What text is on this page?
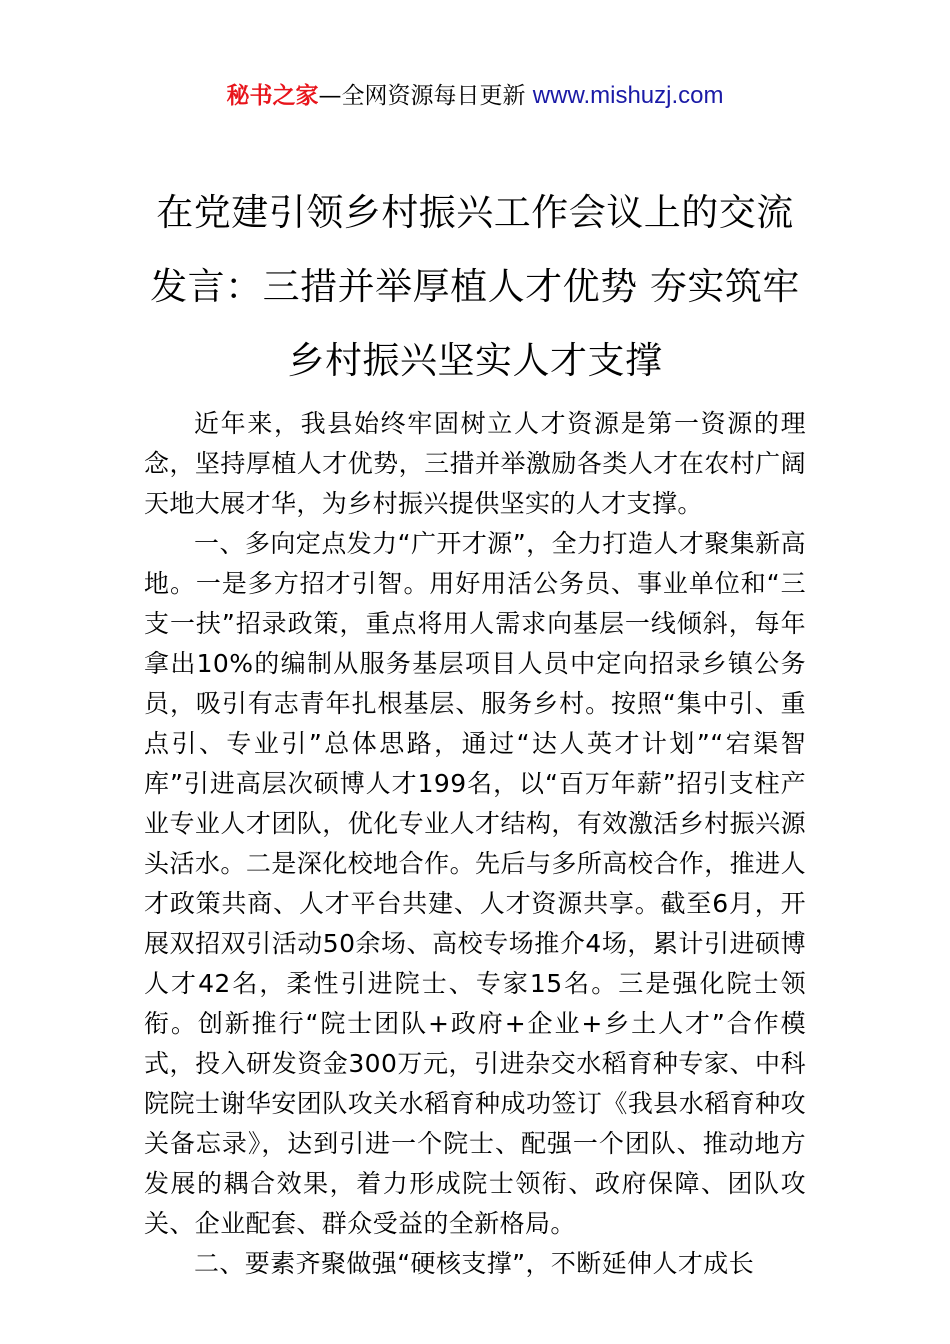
秘书之家—全网资源每日更新 www.mishuzj.com
在党建引领乡村振兴工作会议上的交流发言：三措并举厚植人才优势 夯实筑牢乡村振兴坚实人才支撑

近年来，我县始终牢固树立人才资源是第一资源的理念，坚持厚植人才优势，三措并举激励各类人才在农村广阔天地大展才华，为乡村振兴提供坚实的人才支撑。

一、多向定点发力“广开才源”，全力打造人才聚集新高地。一是多方招才引智。用好用活公务员、事业单位和“三支一扶”招录政策，重点将用人需求向基层一线倾斜，每年拿出10%的编制从服务基层项目人员中定向招录乡镇公务员，吸引有志青年扎根基层、服务乡村。按照“集中引、重点引、专业引”总体思路，通过“达人英才计划”“宕渠智库”引进高层次硕博人才199名，以“百万年薪”招引支柱产业专业人才团队，优化专业人才结构，有效激活乡村振兴源头活水。二是深化校地合作。先后与多所高校合作，推进人才政策共商、人才平台共建、人才资源共享。截至6月，开展双招双引活动50余场、高校专场推介4场，累计引进硕博人才42名，柔性引进院士、专家15名。三是强化院士领衔。创新推行“院士团队+政府+企业+乡土人才”合作模式，投入研发资金300万元，引进杂交水稻育种专家、中科院院士谢华安团队攻关水稻育种成功签订《我县水稻育种攻关备忘录》，达到引进一个院士、配强一个团队、推动地方发展的耦合效果，着力形成院士领衔、政府保障、团队攻关、企业配套、群众受益的全新格局。

二、要素齐聚做强“硬核支撑”，不断延伸人才成长
